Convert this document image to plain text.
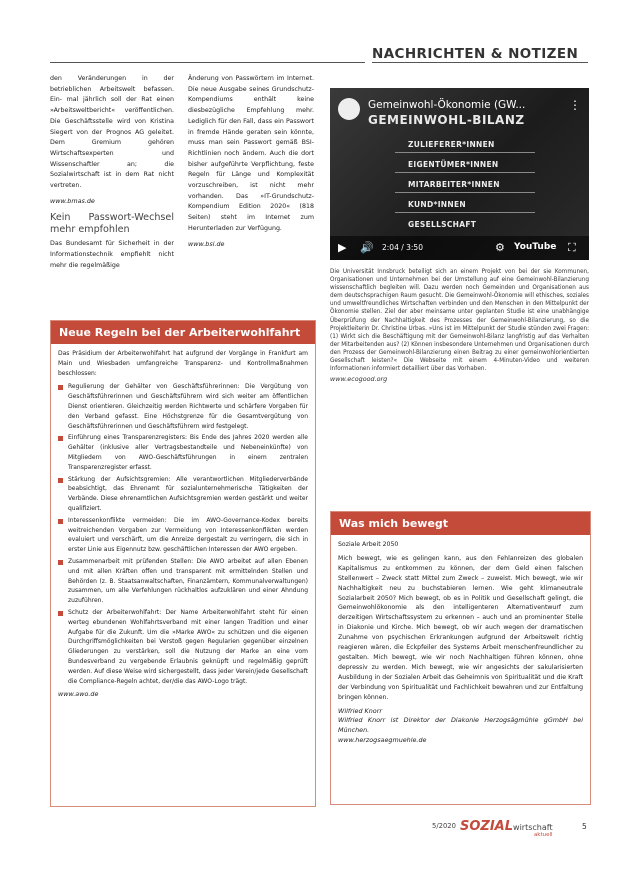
NACHRICHTEN & NOTIZEN

den Veränderungen in der betrieblichen Arbeitswelt befassen. Ein- mal jährlich soll der Rat einen »Arbeitsweltbericht« veröffentlichen. Die Geschäftsstelle wird von Kristina Siegert von der Prognos AG geleitet. Dem Gremium gehören Wirtschaftsexperten und Wissenschaftler an; die Sozialwirtschaft ist in dem Rat nicht vertreten.

www.bmas.de
Kein Passwort-Wechsel mehr empfohlen

Das Bundesamt für Sicherheit in der Informationstechnik empfiehlt nicht mehr die regelmäßige

Änderung von Passwörtern im Internet. Die neue Ausgabe seines Grundschutz-Kompendiums enthält keine diesbezügliche Empfehlung mehr. Lediglich für den Fall, dass ein Passwort in fremde Hände geraten sein könnte, muss man sein Passwort gemäß BSI-Richtlinien noch ändern. Auch die dort bisher aufgeführte Verpflichtung, feste Regeln für Länge und Komplexität vorzuschreiben, ist nicht mehr vorhanden. Das »IT-Grundschutz-Kompendium Edition 2020« (818 Seiten) steht im Internet zum Herunterladen zur Verfügung.

www.bsi.de
Neue Regeln bei der Arbeiterwohlfahrt

Das Präsidium der Arbeiterwohlfahrt hat aufgrund der Vorgänge in Frankfurt am Main und Wiesbaden umfangreiche Transparenz- und Kontrollmaßnahmen beschlossen:

Regulierung der Gehälter von Geschäftsführerinnen: Die Vergütung von Geschäftsführerinnen und Geschäftsführern wird sich weiter am öffentlichen Dienst orientieren. Gleichzeitig werden Richtwerte und schärfere Vorgaben für den Verband gefasst. Eine Höchstgrenze für die Gesamtvergütung von Geschäftsführerinnen und Geschäftsführern wird festgelegt.
Einführung eines Transparenzregisters: Bis Ende des Jahres 2020 werden alle Gehälter (inklusive aller Vertragsbestandteile und Nebeneinkünfte) von Mitgliedern von AWO-Geschäftsführungen in einem zentralen Transparenzregister erfasst.
Stärkung der Aufsichtsgremien: Alle verantwortlichen Mitgliederverbände beabsichtigt, das Ehrenamt für sozialunternehmerische Tätigkeiten der Verbände. Diese ehrenamtlichen Aufsichtsgremien werden gestärkt und weiter qualifiziert.
Interessenkonflikte vermeiden: Die im AWO-Governance-Kodex bereits weitreichenden Vorgaben zur Vermeidung von Interessenkonflikten werden evaluiert und verschärft, um die Anreize dergestalt zu verringern, die sich in erster Linie aus Eigennutz bzw. geschäftlichen Interessen der AWO ergeben.
Zusammenarbeit mit prüfenden Stellen: Die AWO arbeitet auf allen Ebenen und mit allen Kräften offen und transparent mit ermittelnden Stellen und Behörden (z. B. Staatsanwaltschaften, Finanzämtern, Kommunalverwaltungen) zusammen, um alle Verfehlungen rückhaltlos aufzuklären und einer Ahndung zuzuführen.
Schutz der Arbeiterwohlfahrt: Der Name Arbeiterwohlfahrt steht für einen werteg ebundenen Wohlfahrtsverband mit einer langen Tradition und einer Aufgabe für die Zukunft. Um die »Marke AWO« zu schützen und die eigenen Durchgriffsmöglichkeiten bei Verstoß gegen Regularien gegenüber einzelnen Gliederungen zu verstärken, soll die Nutzung der Marke an eine vom Bundesverband zu vergebende Erlaubnis geknüpft und regelmäßig geprüft werden. Auf diese Weise wird sichergestellt, dass jeder Verein/jede Gesellschaft die Compliance-Regeln achtet, der/die das AWO-Logo trägt.
www.awo.de
Gemeinwohl-Ökonomie (GW...	⋮
GEMEINWOHL-BILANZ
ZULIEFERER*INNEN
EIGENTÜMER*INNEN
MITARBEITER*INNEN
KUND*INNEN
GESELLSCHAFT
▶ 🔊 2:04 / 3:50	⚙ YouTube ⛶
Die Universität Innsbruck beteiligt sich an einem Projekt von bei der sie Kommunen, Organisationen und Unternehmen bei der Umstellung auf eine Gemeinwohl-Bilanzierung wissenschaftlich begleiten will. Dazu werden noch Gemeinden und Organisationen aus dem deutschsprachigen Raum gesucht. Die Gemeinwohl-Ökonomie will ethisches, soziales und umweltfreundliches Wirtschaften verbinden und den Menschen in den Mittelpunkt der Ökonomie stellen. Ziel der aber meinsame unter geplanten Studie ist eine unabhängige Überprüfung der Nachhaltigkeit des Prozesses der Gemeinwohl-Bilanzierung, so die Projektleiterin Dr. Christine Urbas. »Uns ist im Mittelpunkt der Studie stünden zwei Fragen: (1) Wirkt sich die Beschäftigung mit der Gemeinwohl-Bilanz langfristig auf das Verhalten der Mitarbeitenden aus? (2) Können insbesondere Unternehmen und Organisationen durch den Prozess der Gemeinwohl-Bilanzierung einen Beitrag zu einer gemeinwohlorientierten Gesellschaft leisten?« Die Webseite mit einem 4-Minuten-Video und weiteren Informationen informiert detailliert über das Vorhaben.
www.ecogood.org
Was mich bewegt

Soziale Arbeit 2050

Mich bewegt, wie es gelingen kann, aus den Fehlanreizen des globalen Kapitalismus zu entkommen zu können, der dem Geld einen falschen Stellenwert – Zweck statt Mittel zum Zweck – zuweist. Mich bewegt, wie wir Nachhaltigkeit neu zu buchstabieren lernen. Wie geht klimaneutrale Sozialarbeit 2050? Mich bewegt, ob es in Politik und Gesellschaft gelingt, die Gemeinwohlökonomie als den intelligenteren Alternativentwurf zum derzeitigen Wirtschaftssystem zu erkennen – auch und an prominenter Stelle in Diakonie und Kirche. Mich bewegt, ob wir auch wegen der dramatischen Zunahme von psychischen Erkrankungen aufgrund der Arbeitswelt richtig reagieren wären, die Eckpfeiler des Systems Arbeit menschenfreundlicher zu gestalten. Mich bewegt, wie wir noch Nachhaltigen führen können, ohne depressiv zu werden. Mich bewegt, wie wir angesichts der sakularisierten Ausbildung in der Sozialen Arbeit das Geheimnis von Spiritualität und die Kraft der Verbindung von Spiritualität und Fachlichkeit bewahren und zur Entfaltung bringen können.

Wilfried Knorr
Wilfried Knorr ist Direktor der Diakonie Herzogsägmühle gGmbH bei München.
www.herzogsaegmuehle.de
5/2020 SOZIALwirtschaft
aktuell
5
